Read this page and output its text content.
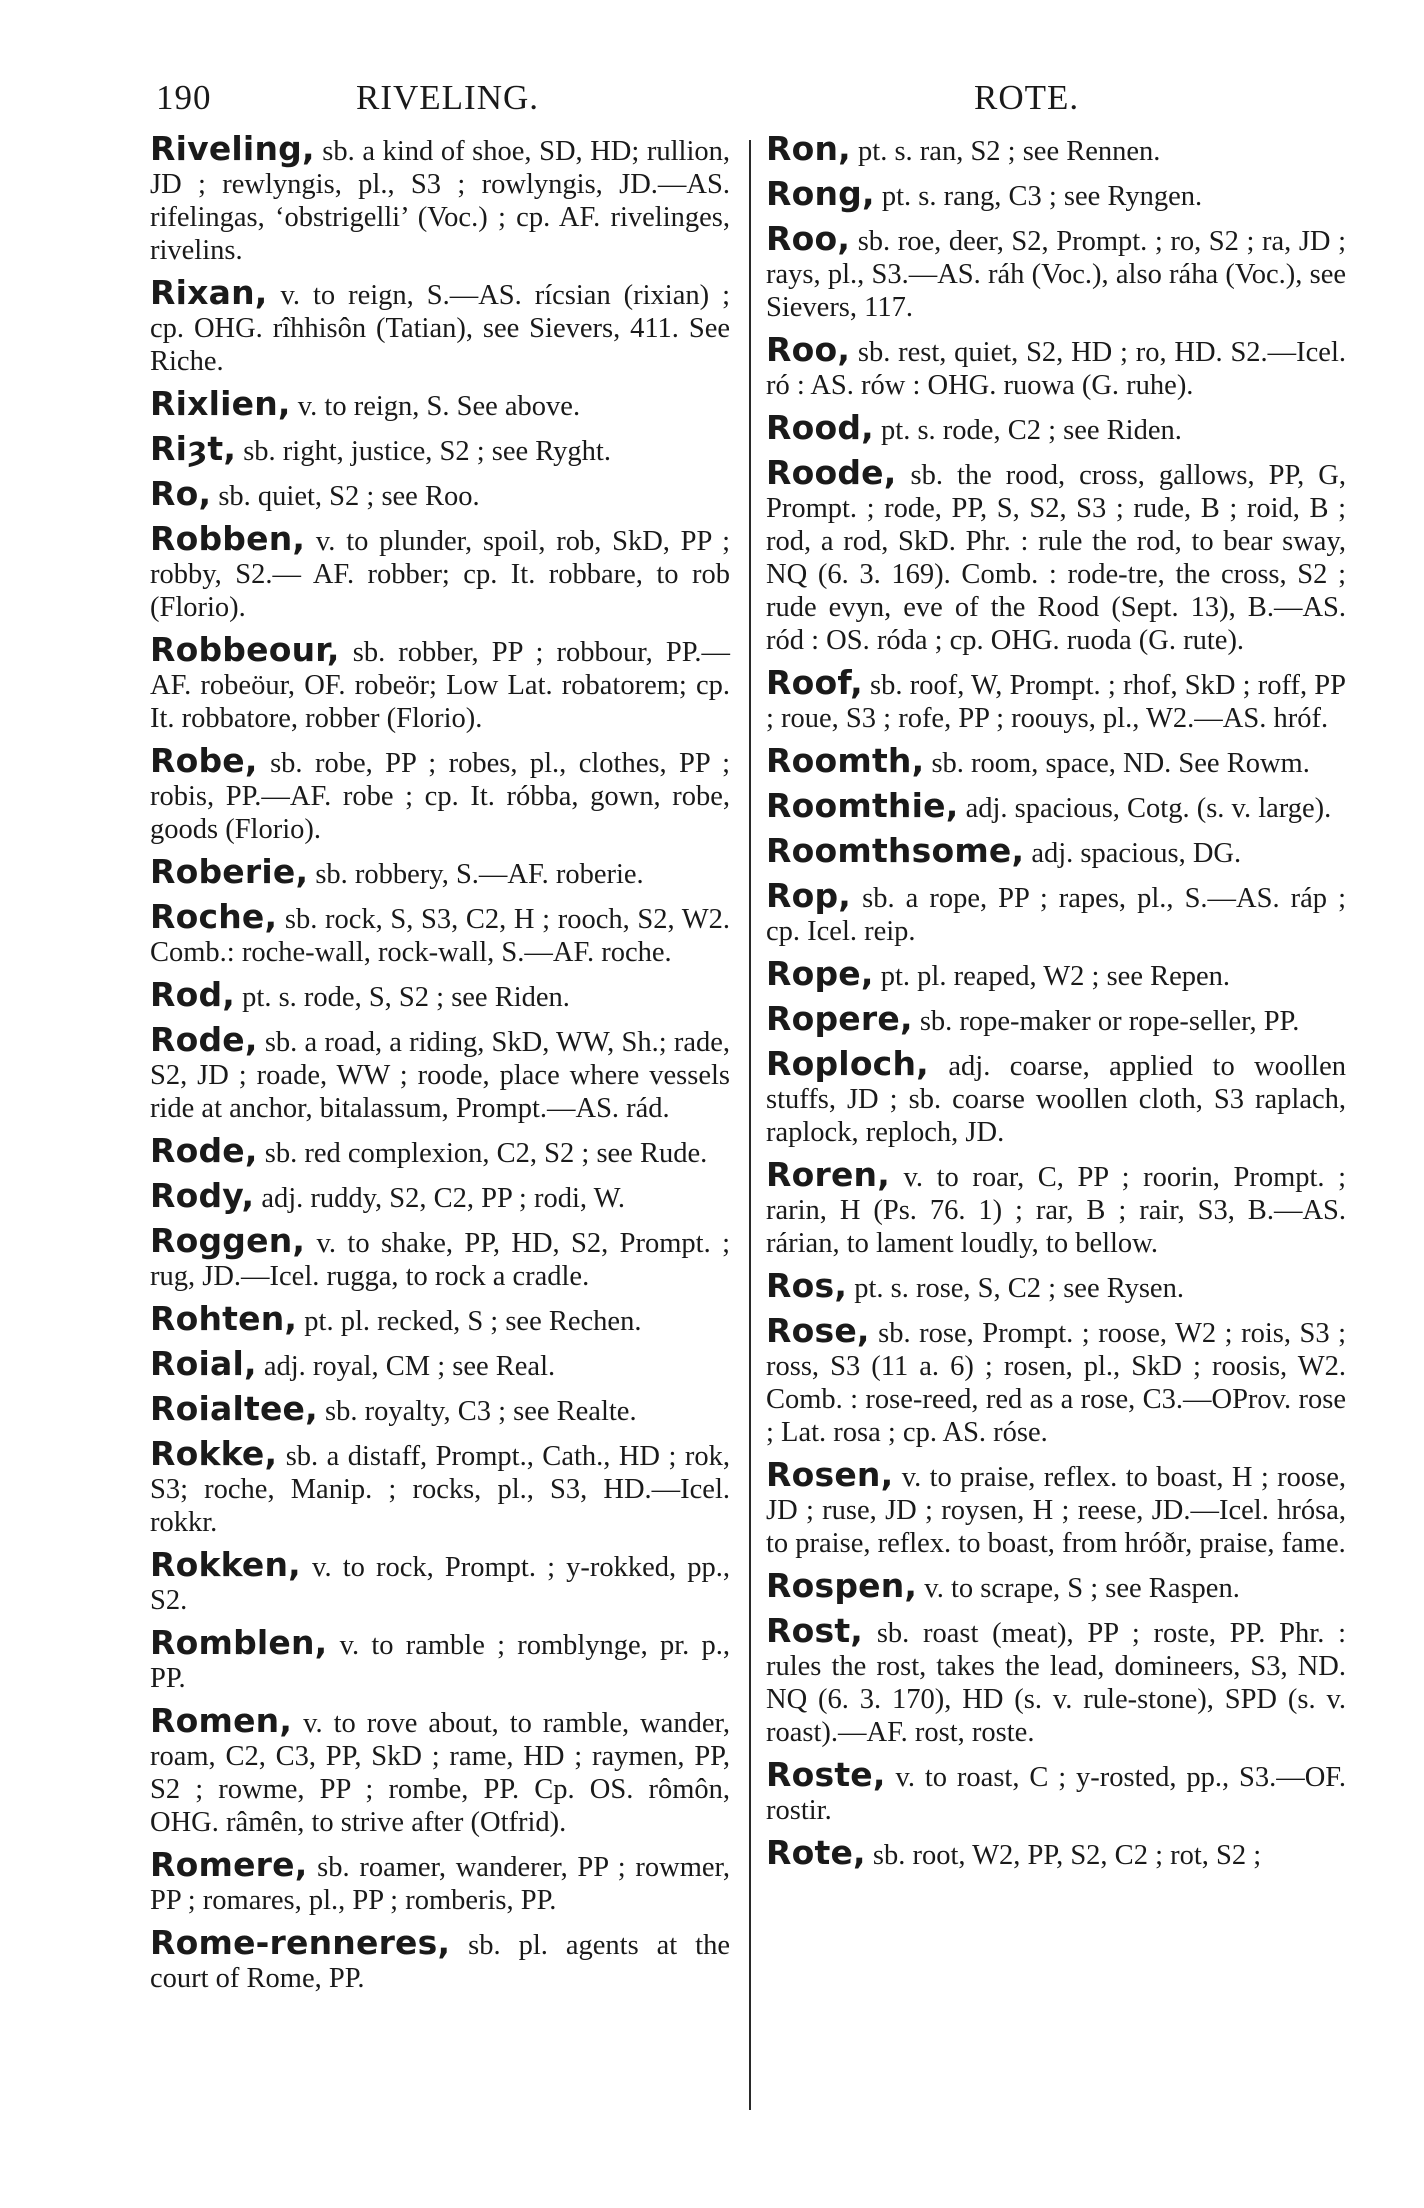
190	RIVELING.	ROTE.

Riveling, sb. a kind of shoe, SD, HD; rullion, JD ; rewlyngis, pl., S3 ; rowlyngis, JD.—AS. rifelingas, ‘obstrigelli’ (Voc.) ; cp. AF. rivelinges, rivelins.

Rixan, v. to reign, S.—AS. rícsian (rixian) ; cp. OHG. rîhhisôn (Tatian), see Sievers, 411. See Riche.

Rixlien, v. to reign, S. See above.

Riȝt, sb. right, justice, S2 ; see Ryght.

Ro, sb. quiet, S2 ; see Roo.

Robben, v. to plunder, spoil, rob, SkD, PP ; robby, S2.— AF. robber; cp. It. robbare, to rob (Florio).

Robbeour, sb. robber, PP ; robbour, PP.—AF. robeöur, OF. robeör; Low Lat. robatorem; cp. It. robbatore, robber (Florio).

Robe, sb. robe, PP ; robes, pl., clothes, PP ; robis, PP.—AF. robe ; cp. It. róbba, gown, robe, goods (Florio).

Roberie, sb. robbery, S.—AF. roberie.

Roche, sb. rock, S, S3, C2, H ; rooch, S2, W2. Comb.: roche-wall, rock-wall, S.—AF. roche.

Rod, pt. s. rode, S, S2 ; see Riden.

Rode, sb. a road, a riding, SkD, WW, Sh.; rade, S2, JD ; roade, WW ; roode, place where vessels ride at anchor, bitalassum, Prompt.—AS. rád.

Rode, sb. red complexion, C2, S2 ; see Rude.

Rody, adj. ruddy, S2, C2, PP ; rodi, W.

Roggen, v. to shake, PP, HD, S2, Prompt. ; rug, JD.—Icel. rugga, to rock a cradle.

Rohten, pt. pl. recked, S ; see Rechen.

Roial, adj. royal, CM ; see Real.

Roialtee, sb. royalty, C3 ; see Realte.

Rokke, sb. a distaff, Prompt., Cath., HD ; rok, S3; roche, Manip. ; rocks, pl., S3, HD.—Icel. rokkr.

Rokken, v. to rock, Prompt. ; y-rokked, pp., S2.

Romblen, v. to ramble ; romblynge, pr. p., PP.

Romen, v. to rove about, to ramble, wander, roam, C2, C3, PP, SkD ; rame, HD ; raymen, PP, S2 ; rowme, PP ; rombe, PP. Cp. OS. rômôn, OHG. râmên, to strive after (Otfrid).

Romere, sb. roamer, wanderer, PP ; rowmer, PP ; romares, pl., PP ; romberis, PP.

Rome-renneres, sb. pl. agents at the court of Rome, PP.

Ron, pt. s. ran, S2 ; see Rennen.

Rong, pt. s. rang, C3 ; see Ryngen.

Roo, sb. roe, deer, S2, Prompt. ; ro, S2 ; ra, JD ; rays, pl., S3.—AS. ráh (Voc.), also ráha (Voc.), see Sievers, 117.

Roo, sb. rest, quiet, S2, HD ; ro, HD. S2.—Icel. ró : AS. rów : OHG. ruowa (G. ruhe).

Rood, pt. s. rode, C2 ; see Riden.

Roode, sb. the rood, cross, gallows, PP, G, Prompt. ; rode, PP, S, S2, S3 ; rude, B ; roid, B ; rod, a rod, SkD. Phr. : rule the rod, to bear sway, NQ (6. 3. 169). Comb. : rode-tre, the cross, S2 ; rude evyn, eve of the Rood (Sept. 13), B.—AS. ród : OS. róda ; cp. OHG. ruoda (G. rute).

Roof, sb. roof, W, Prompt. ; rhof, SkD ; roff, PP ; roue, S3 ; rofe, PP ; roouys, pl., W2.—AS. hróf.

Roomth, sb. room, space, ND. See Rowm.

Roomthie, adj. spacious, Cotg. (s. v. large).

Roomthsome, adj. spacious, DG.

Rop, sb. a rope, PP ; rapes, pl., S.—AS. ráp ; cp. Icel. reip.

Rope, pt. pl. reaped, W2 ; see Repen.

Ropere, sb. rope-maker or rope-seller, PP.

Roploch, adj. coarse, applied to woollen stuffs, JD ; sb. coarse woollen cloth, S3 raplach, raplock, reploch, JD.

Roren, v. to roar, C, PP ; roorin, Prompt. ; rarin, H (Ps. 76. 1) ; rar, B ; rair, S3, B.—AS. rárian, to lament loudly, to bellow.

Ros, pt. s. rose, S, C2 ; see Rysen.

Rose, sb. rose, Prompt. ; roose, W2 ; rois, S3 ; ross, S3 (11 a. 6) ; rosen, pl., SkD ; roosis, W2. Comb. : rose-reed, red as a rose, C3.—OProv. rose ; Lat. rosa ; cp. AS. róse.

Rosen, v. to praise, reflex. to boast, H ; roose, JD ; ruse, JD ; roysen, H ; reese, JD.—Icel. hrósa, to praise, reflex. to boast, from hróðr, praise, fame.

Rospen, v. to scrape, S ; see Raspen.

Rost, sb. roast (meat), PP ; roste, PP. Phr. : rules the rost, takes the lead, domineers, S3, ND. NQ (6. 3. 170), HD (s. v. rule-stone), SPD (s. v. roast).—AF. rost, roste.

Roste, v. to roast, C ; y-rosted, pp., S3.—OF. rostir.

Rote, sb. root, W2, PP, S2, C2 ; rot, S2 ;
